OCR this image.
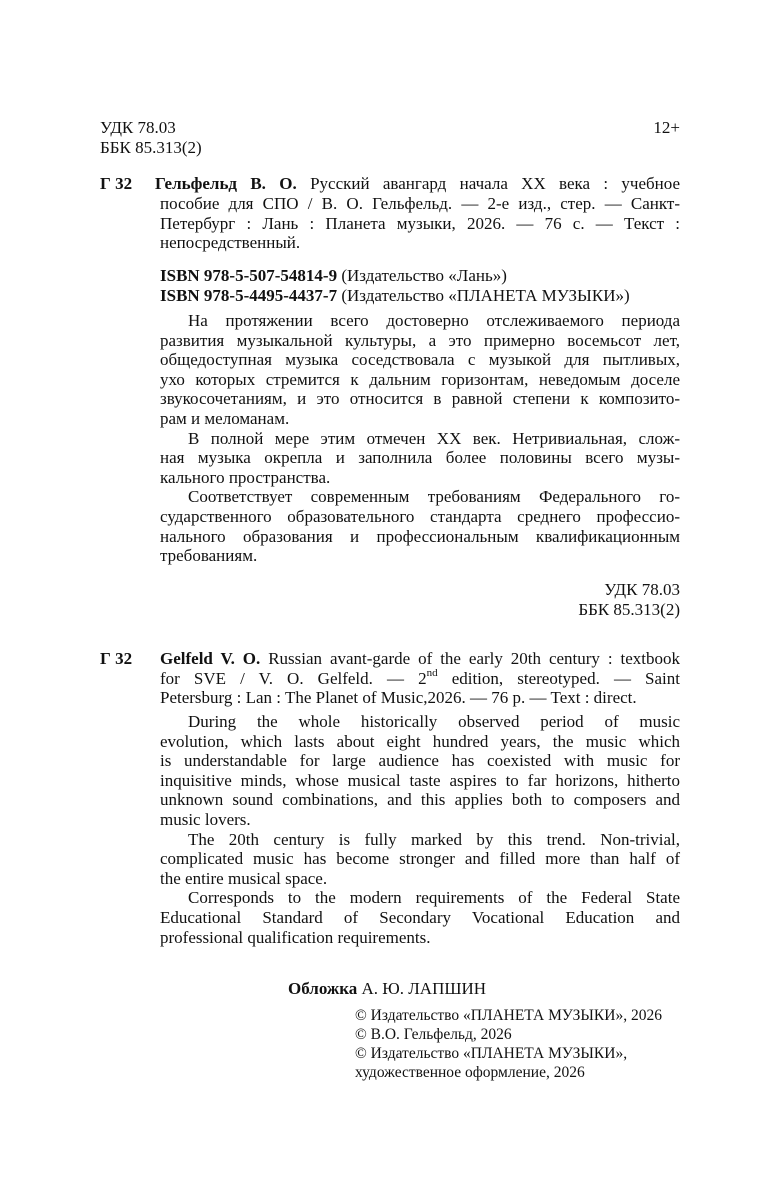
УДК 78.03
ББК 85.313(2)
12+
Г 32 Гельфельд В. О. Русский авангард начала XX века : учебное
пособие для СПО / В. О. Гельфельд. — 2-е изд., стер. — Санкт-
Петербург : Лань : Планета музыки, 2026. — 76 с. — Текст :
непосредственный.
ISBN 978-5-507-54814-9 (Издательство «Лань»)
ISBN 978-5-4495-4437-7 (Издательство «ПЛАНЕТА МУЗЫКИ»)
На протяжении всего достоверно отслеживаемого периода
развития музыкальной культуры, а это примерно восемьсот лет,
общедоступная музыка соседствовала с музыкой для пытливых,
ухо которых стремится к дальним горизонтам, неведомым доселе
звукосочетаниям, и это относится в равной степени к композито-
рам и меломанам.
В полной мере этим отмечен XX век. Нетривиальная, слож-
ная музыка окрепла и заполнила более половины всего музы-
кального пространства.
Соответствует современным требованиям Федерального го-
сударственного образовательного стандарта среднего профессио-
нального образования и профессиональным квалификационным
требованиям.
УДК 78.03
ББК 85.313(2)
Г 32 Gelfeld V. O. Russian avant-garde of the early 20th century : textbook
for SVE / V. O. Gelfeld. — 2nd edition, stereotyped. — Saint
Petersburg : Lan : The Planet of Music,2026. — 76 p. — Text : direct.
During the whole historically observed period of music
evolution, which lasts about eight hundred years, the music which
is understandable for large audience has coexisted with music for
inquisitive minds, whose musical taste aspires to far horizons, hitherto
unknown sound combinations, and this applies both to composers and
music lovers.
The 20th century is fully marked by this trend. Non-trivial,
complicated music has become stronger and filled more than half of
the entire musical space.
Corresponds to the modern requirements of the Federal State
Educational Standard of Secondary Vocational Education and
professional qualification requirements.
Обложка А. Ю. ЛАПШИН
© Издательство «ПЛАНЕТА МУЗЫКИ», 2026
© В.О. Гельфельд, 2026
© Издательство «ПЛАНЕТА МУЗЫКИ»,
художественное оформление, 2026
